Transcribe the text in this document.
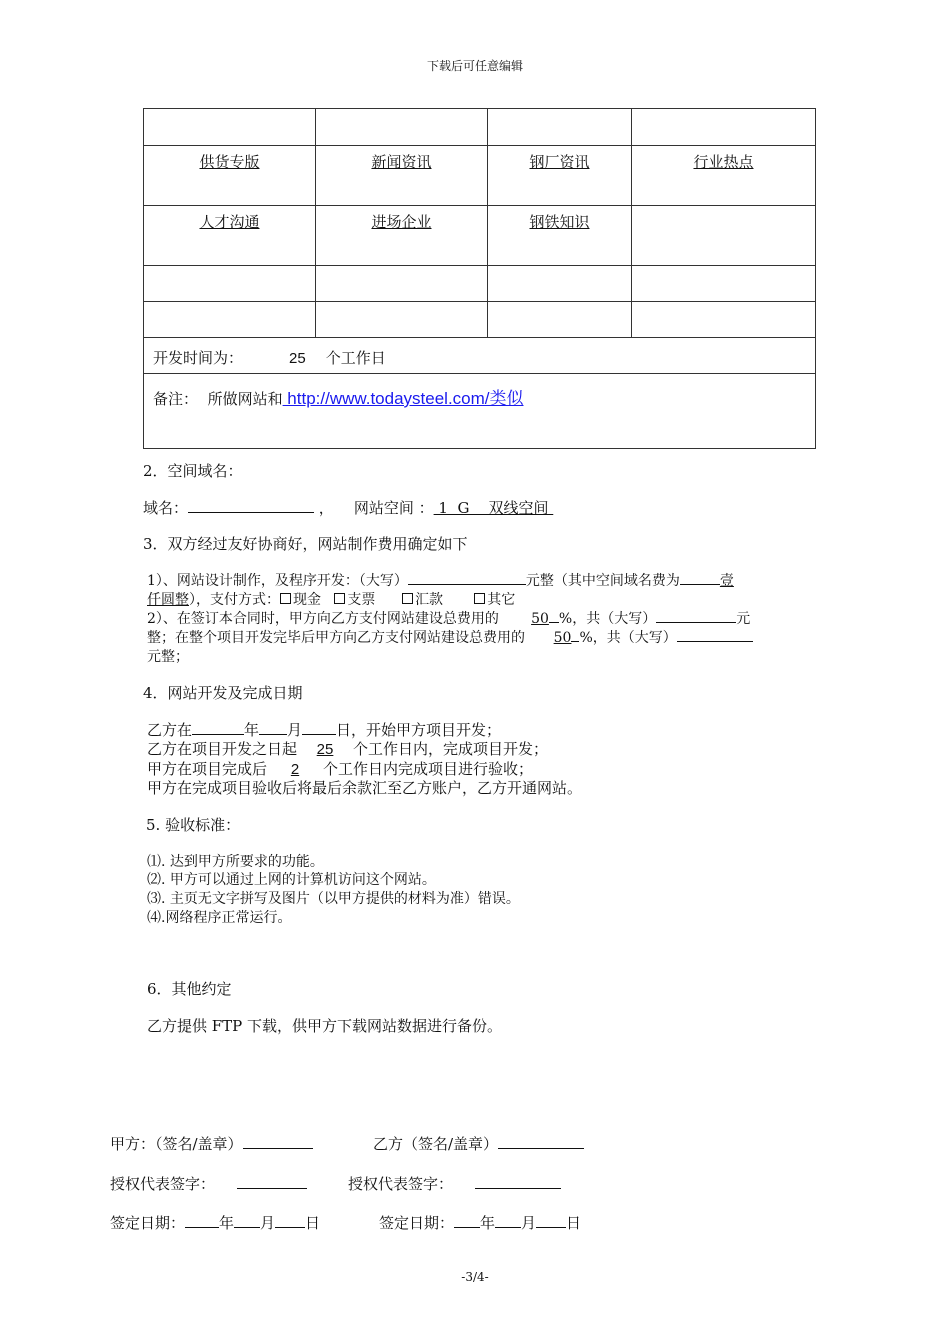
下载后可任意编辑

供货专版	新闻资讯	钢厂资讯	行业热点
人才沟通	进场企业	钢铁知识	

开发时间为： 25 个工作日			
备注： 所做网站和 http://www.todaysteel.com/类似			
2．空间域名：
域名：	， 网站空间 ： 1  G    双线空间
3．双方经过友好协商好，网站制作费用确定如下
1）、网站设计制作，及程序开发：（大写）	元整（其中空间域名费为	壹
仟圆整），支付方式： 现金 支票	汇款	其它
2）、在签订本合同时，甲方向乙方支付网站建设总费用的 50 %，共（大写）	元
整；在整个项目开发完毕后甲方向乙方支付网站建设总费用的 50 %，共（大写）
元整；
4．网站开发及完成日期
乙方在	年 月 日，开始甲方项目开发；
乙方在项目开发之日起 25 个工作日内，完成项目开发；
甲方在项目完成后 2 个工作日内完成项目进行验收；
甲方在完成项目验收后将最后余款汇至乙方账户，乙方开通网站。
5. 验收标准：
⑴. 达到甲方所要求的功能。
⑵. 甲方可以通过上网的计算机访问这个网站。
⑶. 主页无文字拼写及图片（以甲方提供的材料为准）错误。
⑷.网络程序正常运行。
6．其他约定
乙方提供 FTP 下载，供甲方下载网站数据进行备份。
甲方：（签名/盖章）	乙方（签名/盖章）
授权代表签字：	授权代表签字：
签定日期： 年 月 日	签定日期： 年 月 日
-3/4-
